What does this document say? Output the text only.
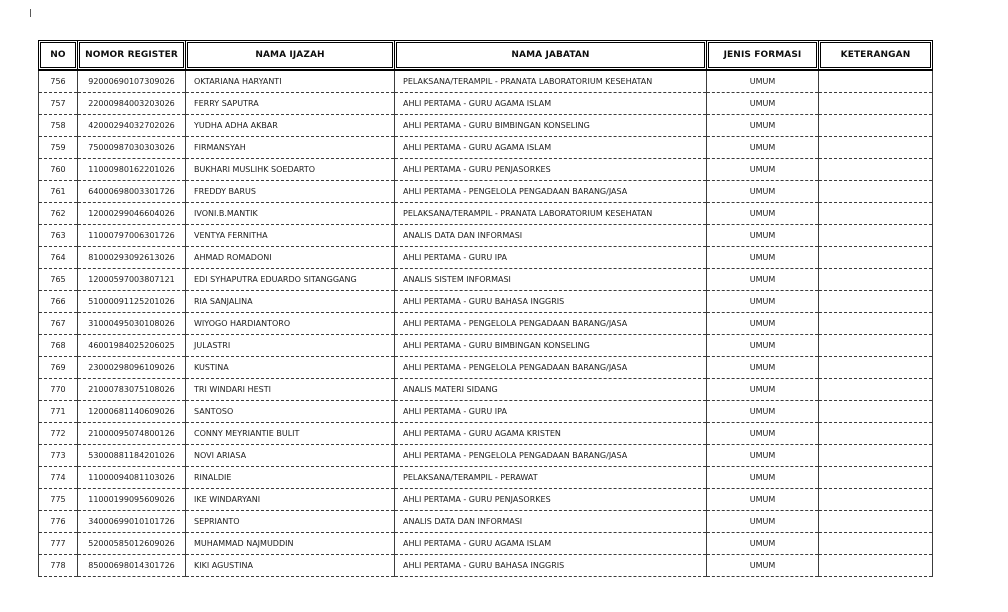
NO	NOMOR REGISTER	NAMA IJAZAH	NAMA JABATAN	JENIS FORMASI	KETERANGAN
756	92000690107309026	OKTARIANA HARYANTI	PELAKSANA/TERAMPIL - PRANATA LABORATORIUM KESEHATAN	UMUM	
757	22000984003203026	FERRY SAPUTRA	AHLI PERTAMA - GURU AGAMA ISLAM	UMUM	
758	42000294032702026	YUDHA ADHA AKBAR	AHLI PERTAMA - GURU BIMBINGAN KONSELING	UMUM	
759	75000987030303026	FIRMANSYAH	AHLI PERTAMA - GURU AGAMA ISLAM	UMUM	
760	11000980162201026	BUKHARI MUSLIHK SOEDARTO	AHLI PERTAMA - GURU PENJASORKES	UMUM	
761	64000698003301726	FREDDY BARUS	AHLI PERTAMA - PENGELOLA PENGADAAN BARANG/JASA	UMUM	
762	12000299046604026	IVONI.B.MANTIK	PELAKSANA/TERAMPIL - PRANATA LABORATORIUM KESEHATAN	UMUM	
763	11000797006301726	VENTYA FERNITHA	ANALIS DATA DAN INFORMASI	UMUM	
764	81000293092613026	AHMAD ROMADONI	AHLI PERTAMA - GURU IPA	UMUM	
765	12000597003807121	EDI SYHAPUTRA EDUARDO SITANGGANG	ANALIS SISTEM INFORMASI	UMUM	
766	51000091125201026	RIA SANJALINA	AHLI PERTAMA - GURU BAHASA INGGRIS	UMUM	
767	31000495030108026	WIYOGO HARDIANTORO	AHLI PERTAMA - PENGELOLA PENGADAAN BARANG/JASA	UMUM	
768	46001984025206025	JULASTRI	AHLI PERTAMA - GURU BIMBINGAN KONSELING	UMUM	
769	23000298096109026	KUSTINA	AHLI PERTAMA - PENGELOLA PENGADAAN BARANG/JASA	UMUM	
770	21000783075108026	TRI WINDARI HESTI	ANALIS MATERI SIDANG	UMUM	
771	12000681140609026	SANTOSO	AHLI PERTAMA - GURU IPA	UMUM	
772	21000095074800126	CONNY MEYRIANTIE BULIT	AHLI PERTAMA - GURU AGAMA KRISTEN	UMUM	
773	53000881184201026	NOVI ARIASA	AHLI PERTAMA - PENGELOLA PENGADAAN BARANG/JASA	UMUM	
774	11000094081103026	RINALDIE	PELAKSANA/TERAMPIL - PERAWAT	UMUM	
775	11000199095609026	IKE WINDARYANI	AHLI PERTAMA - GURU PENJASORKES	UMUM	
776	34000699010101726	SEPRIANTO	ANALIS DATA DAN INFORMASI	UMUM	
777	52000585012609026	MUHAMMAD NAJMUDDIN	AHLI PERTAMA - GURU AGAMA ISLAM	UMUM	
778	85000698014301726	KIKI AGUSTINA	AHLI PERTAMA - GURU BAHASA INGGRIS	UMUM	
